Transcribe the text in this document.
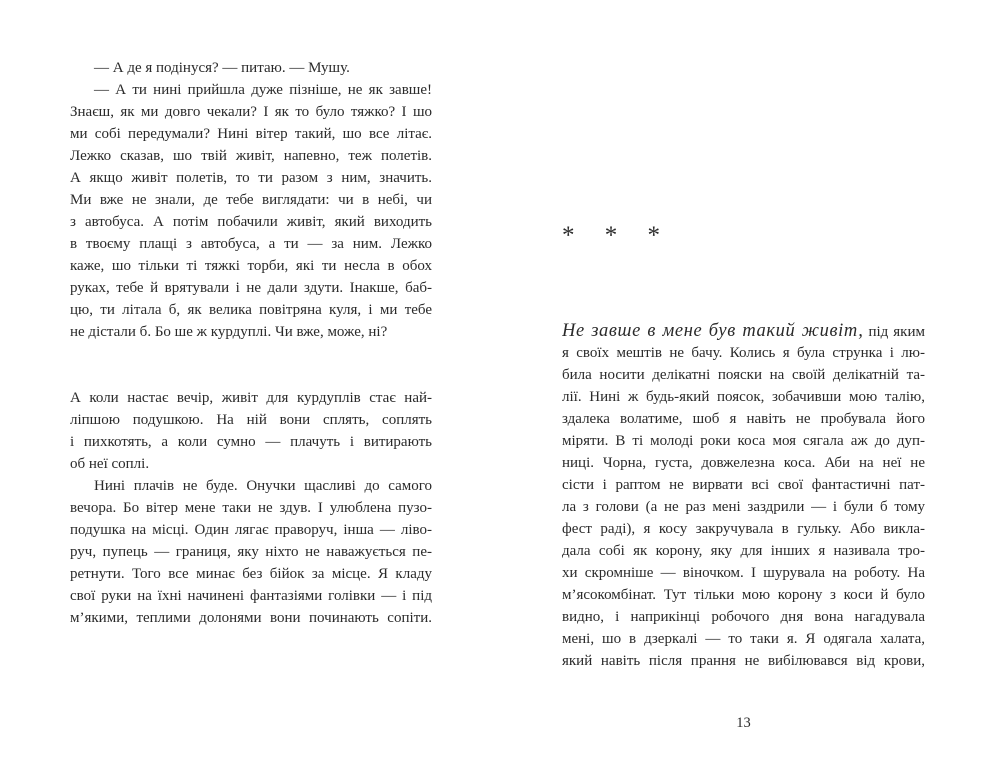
— А де я подінуся? — питаю. — Мушу.
— А ти нині прийшла дуже пізніше, не як завше!
Знаєш, як ми довго чекали? І як то було тяжко? І шо
ми собі передумали? Нині вітер такий, шо все літає.
Лежко сказав, шо твій живіт, напевно, теж полетів.
А якщо живіт полетів, то ти разом з ним, значить.
Ми вже не знали, де тебе виглядати: чи в небі, чи
з автобуса. А потім побачили живіт, який виходить
в твоєму плащі з автобуса, а ти — за ним. Лежко
каже, шо тільки ті тяжкі торби, які ти несла в обох
руках, тебе й врятували і не дали здути. Інакше, баб-
цю, ти літала б, як велика повітряна куля, і ми тебе
не дістали б. Бо ше ж курдуплі. Чи вже, може, ні?
А коли настає вечір, живіт для курдуплів стає най-
ліпшою подушкою. На ній вони сплять, соплять
і пихкотять, а коли сумно — плачуть і витирають
об неї соплі.
Нині плачів не буде. Онучки щасливі до самого
вечора. Бо вітер мене таки не здув. І улюблена пузо-
подушка на місці. Один лягає праворуч, інша — ліво-
руч, пупець — границя, яку ніхто не наважується пе-
ретнути. Того все минає без бійок за місце. Я кладу
свої руки на їхні начинені фантазіями голівки — і під
м’якими, теплими долонями вони починають сопіти.
* * *
Не завше в мене був такий живіт, під яким
я своїх мештів не бачу. Колись я була струнка і лю-
била носити делікатні пояски на своїй делікатній та-
лії. Нині ж будь-який поясок, зобачивши мою талію,
здалека волатиме, шоб я навіть не пробувала його
міряти. В ті молоді роки коса моя сягала аж до дуп-
ниці. Чорна, густа, довжелезна коса. Аби на неї не
сісти і раптом не вирвати всі свої фантастичні пат-
ла з голови (а не раз мені заздрили — і були б тому
фест раді), я косу закручувала в гульку. Або викла-
дала собі як корону, яку для інших я називала тро-
хи скромніше — віночком. І шурувала на роботу. На
м’ясокомбінат. Тут тільки мою корону з коси й було
видно, і наприкінці робочого дня вона нагадувала
мені, шо в дзеркалі — то таки я. Я одягала халата,
який навіть після прання не вибілювався від крови,
13
